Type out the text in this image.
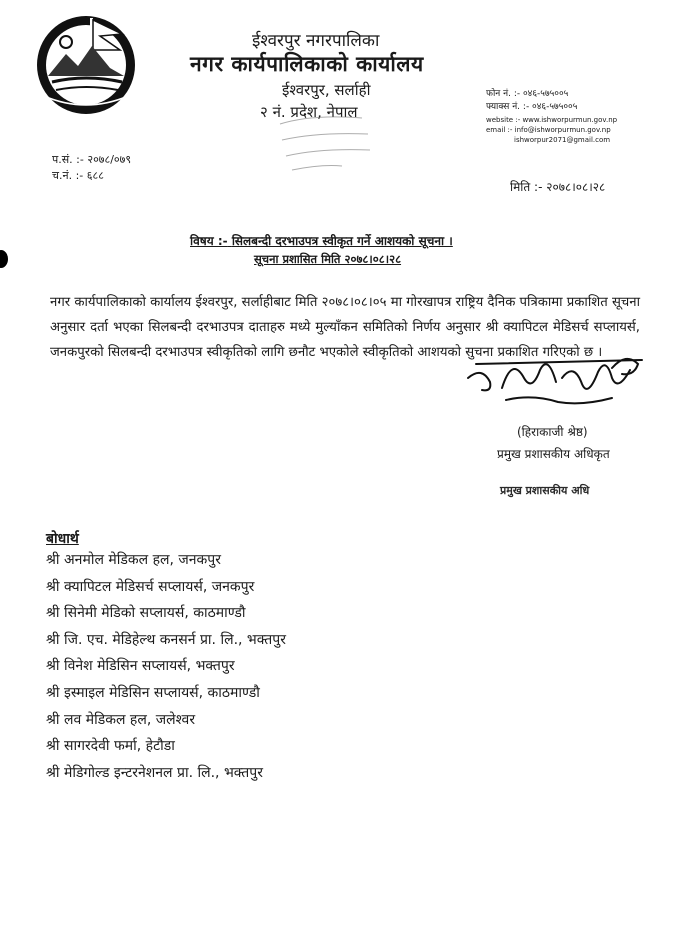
ईश्वरपुर नगरपालिका
नगर कार्यपालिकाको कार्यालय
ईश्वरपुर, सर्लाही
२ नं. प्रदेश, नेपाल
फोन नं. :- ०४६-५७५००५
फ्याक्स नं. :- ०४६-५७५००५
website :- www.ishworpurmun.gov.np
email :- info@ishworpurmun.gov.np
ishworpur2071@gmail.com
प.सं. :- २०७८/०७९
च.नं. :- ६८८
मिति :- २०७८।०८।२८
विषय :- सिलबन्दी दरभाउपत्र स्वीकृत गर्ने आशयको सूचना ।
सूचना प्रशासित मिति २०७८।०८।२८
नगर कार्यपालिकाको कार्यालय ईश्वरपुर, सर्लाहीबाट मिति २०७८।०८।०५ मा गोरखापत्र राष्ट्रिय दैनिक पत्रिकामा प्रकाशित सूचना अनुसार दर्ता भएका सिलबन्दी दरभाउपत्र दाताहरु मध्ये मुल्याँकन समितिको निर्णय अनुसार श्री क्यापिटल मेडिसर्च सप्लायर्स, जनकपुरको सिलबन्दी दरभाउपत्र स्वीकृतिको लागि छनौट भएकोले स्वीकृतिको आशयको सुचना प्रकाशित गरिएको छ ।
(हिराकाजी श्रेष्ठ)
प्रमुख प्रशासकीय अधिकृत
प्रमुख प्रशासकीय अधि
बोधार्थ
श्री अनमोल मेडिकल हल, जनकपुर
श्री क्यापिटल मेडिसर्च सप्लायर्स, जनकपुर
श्री सिनेमी मेडिको सप्लायर्स, काठमाण्डौ
श्री जि. एच. मेडिहेल्थ कनसर्न प्रा. लि., भक्तपुर
श्री विनेश मेडिसिन सप्लायर्स, भक्तपुर
श्री इस्माइल मेडिसिन सप्लायर्स, काठमाण्डौ
श्री लव मेडिकल हल, जलेश्वर
श्री सागरदेवी फर्मा, हेटौडा
श्री मेडिगोल्ड इन्टरनेशनल प्रा. लि., भक्तपुर
